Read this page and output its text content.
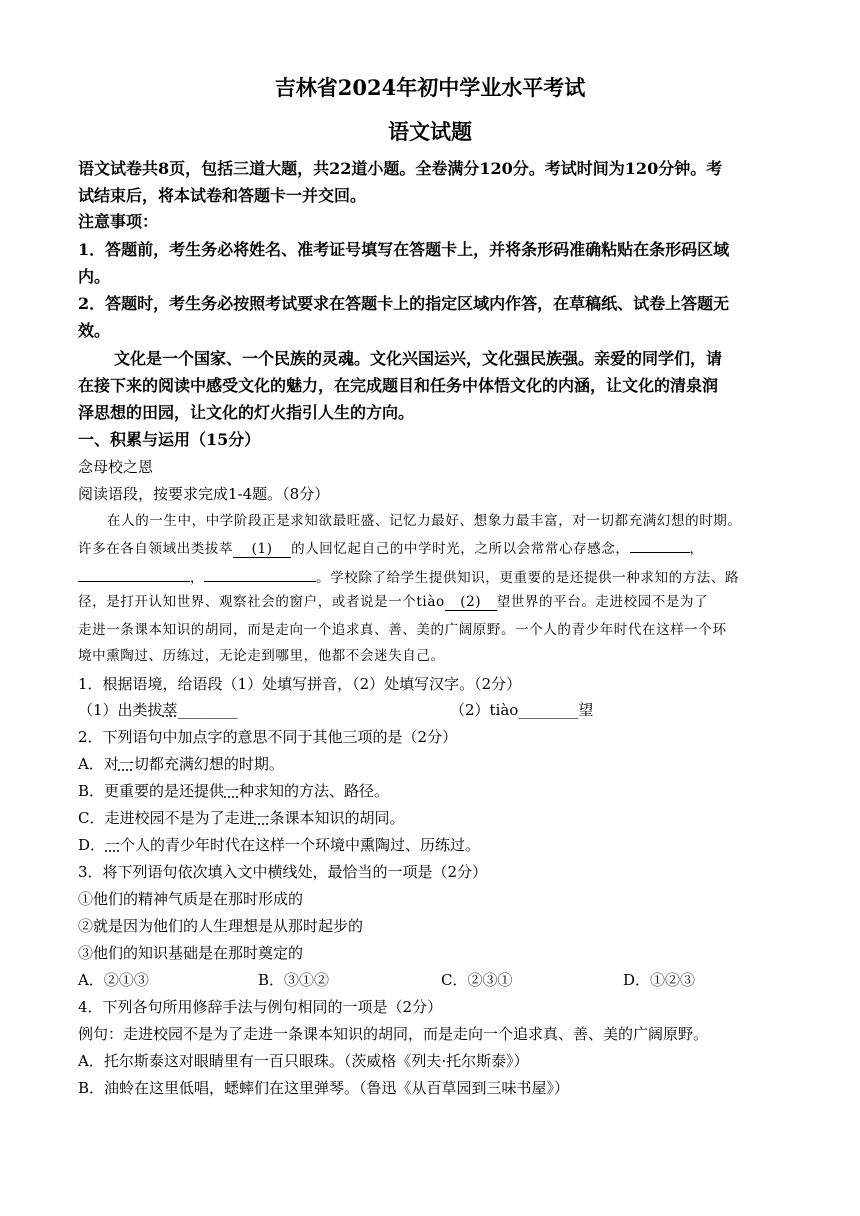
吉林省2024年初中学业水平考试
语文试题
语文试卷共8页，包括三道大题，共22道小题。全卷满分120分。考试时间为120分钟。考
试结束后，将本试卷和答题卡一并交回。
注意事项：
1．答题前，考生务必将姓名、准考证号填写在答题卡上，并将条形码准确粘贴在条形码区域
内。
2．答题时，考生务必按照考试要求在答题卡上的指定区域内作答，在草稿纸、试卷上答题无
效。
文化是一个国家、一个民族的灵魂。文化兴国运兴，文化强民族强。亲爱的同学们，请
在接下来的阅读中感受文化的魅力，在完成题目和任务中体悟文化的内涵，让文化的清泉润
泽思想的田园，让文化的灯火指引人生的方向。
一、积累与运用（15分）
念母校之恩
阅读语段，按要求完成1-4题。（8分）
在人的一生中，中学阶段正是求知欲最旺盛、记忆力最好、想象力最丰富，对一切都充满幻想的时期。
许多在各自领域出类拔萃 (1) 的人回忆起自己的中学时光，之所以会常常心存感念，	，
，	。学校除了给学生提供知识，更重要的是还提供一种求知的方法、路
径，是打开认知世界、观察社会的窗户，或者说是一个tiào (2) 望世界的平台。走进校园不是为了
走进一条课本知识的胡同，而是走向一个追求真、善、美的广阔原野。一个人的青少年时代在这样一个环
境中熏陶过、历练过，无论走到哪里，他都不会迷失自己。
1．根据语境，给语段（1）处填写拼音，（2）处填写汉字。（2分）
（1）出类拔萃________	（2）tiào________望
2．下列语句中加点字的意思不同于其他三项的是（2分）
A．对一切都充满幻想的时期。
B．更重要的是还提供一种求知的方法、路径。
C．走进校园不是为了走进一条课本知识的胡同。
D．一个人的青少年时代在这样一个环境中熏陶过、历练过。
3．将下列语句依次填入文中横线处，最恰当的一项是（2分）
①他们的精神气质是在那时形成的
②就是因为他们的人生理想是从那时起步的
③他们的知识基础是在那时奠定的
A．②①③	B．③①②	C．②③①	D．①②③
4．下列各句所用修辞手法与例句相同的一项是（2分）
例句：走进校园不是为了走进一条课本知识的胡同，而是走向一个追求真、善、美的广阔原野。
A．托尔斯泰这对眼睛里有一百只眼珠。（茨威格《列夫·托尔斯泰》）
B．油蛉在这里低唱，蟋蟀们在这里弹琴。（鲁迅《从百草园到三味书屋》）
